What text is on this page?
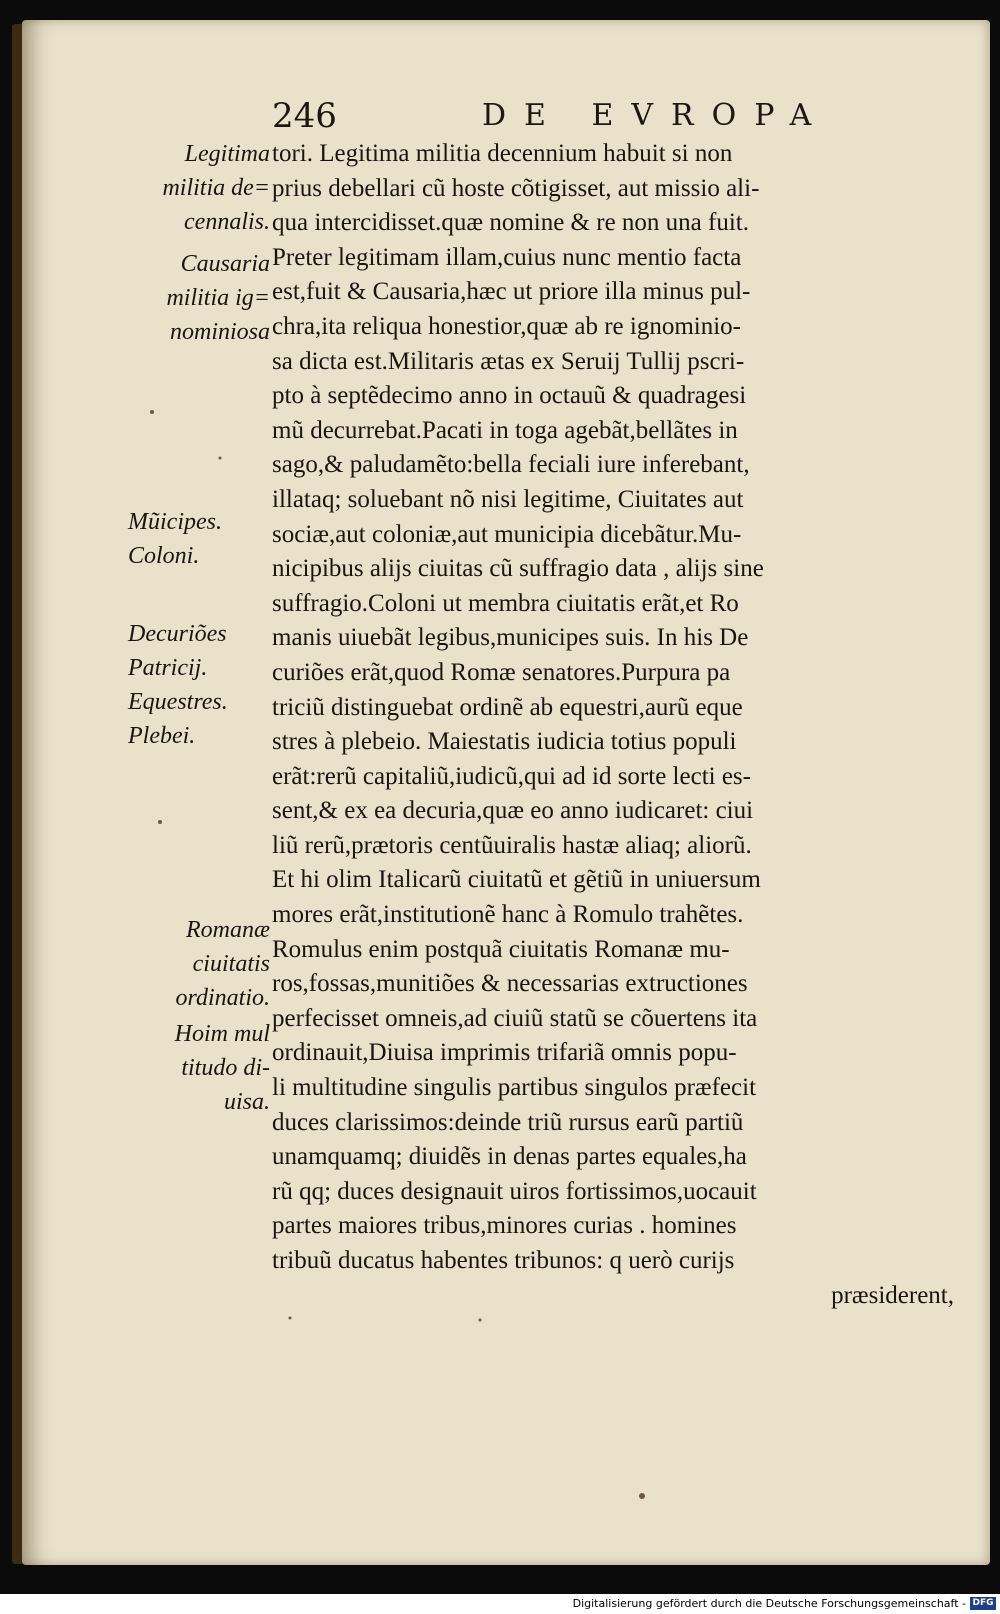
246	DE EVROPA
Legitima
militia de=
cennalis.
Causaria
militia ig=
nominiosa
Mũicipes.
Coloni.
Decuriões
Patricij.
Equestres.
Plebei.
Romanæ
ciuitatis
ordinatio.
Hoim mul
titudo di-
uisa.
tori. Legitima militia decennium habuit si non
prius debellari cũ hoste cõtigisset, aut missio ali-
qua intercidisset.quæ nomine & re non una fuit.
Preter legitimam illam,cuius nunc mentio facta
est,fuit & Causaria,hæc ut priore illa minus pul-
chra,ita reliqua honestior,quæ ab re ignominio-
sa dicta est.Militaris ætas ex Seruij Tullij pscri-
pto à septẽdecimo anno in octauũ & quadragesi
mũ decurrebat.Pacati in toga agebãt,bellãtes in
sago,& paludamẽto:bella feciali iure inferebant,
illataq; soluebant nõ nisi legitime, Ciuitates aut
sociæ,aut coloniæ,aut municipia dicebãtur.Mu-
nicipibus alijs ciuitas cũ suffragio data , alijs sine
suffragio.Coloni ut membra ciuitatis erãt,et Ro
manis uiuebãt legibus,municipes suis. In his De
curiões erãt,quod Romæ senatores.Purpura pa
triciũ distinguebat ordinẽ ab equestri,aurũ eque
stres à plebeio. Maiestatis iudicia totius populi
erãt:rerũ capitaliũ,iudicũ,qui ad id sorte lecti es-
sent,& ex ea decuria,quæ eo anno iudicaret: ciui
liũ rerũ,prætoris centũuiralis hastæ aliaq; aliorũ.
Et hi olim Italicarũ ciuitatũ et gẽtiũ in uniuersum
mores erãt,institutionẽ hanc à Romulo trahẽtes.
Romulus enim postquã ciuitatis Romanæ mu-
ros,fossas,munitiões & necessarias extructiones
perfecisset omneis,ad ciuiũ statũ se cõuertens ita
ordinauit,Diuisa imprimis trifariã omnis popu-
li multitudine singulis partibus singulos præfecit
duces clarissimos:deinde triũ rursus earũ partiũ
unamquamq; diuidẽs in denas partes equales,ha
rũ qq; duces designauit uiros fortissimos,uocauit
partes maiores tribus,minores curias . homines
tribuũ ducatus habentes tribunos: q uerò curijs
præsiderent,
Digitalisierung gefördert durch die Deutsche Forschungsgemeinschaft - DFG
